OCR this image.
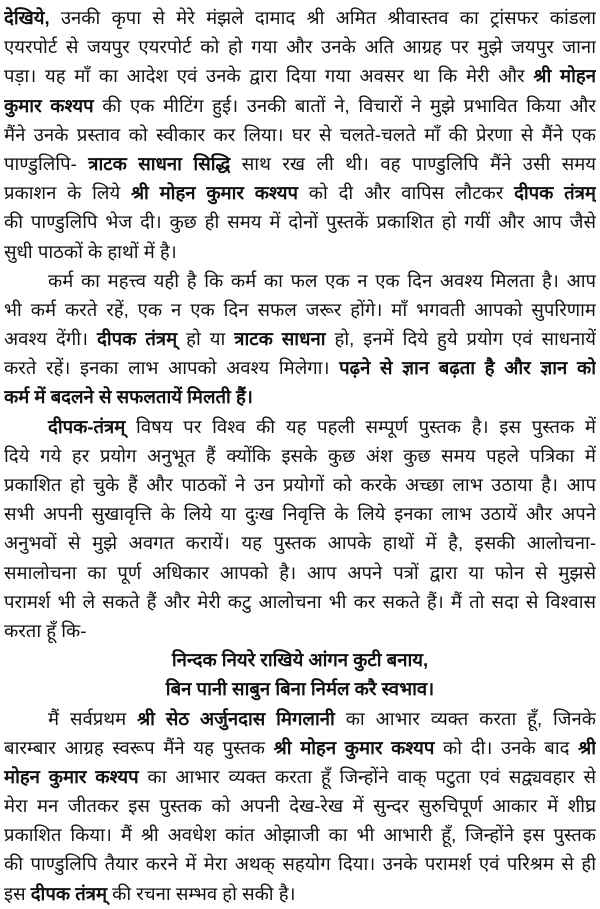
देखिये, उनकी कृपा से मेरे मंझले दामाद श्री अमित श्रीवास्तव का ट्रांसफर कांडला
एयरपोर्ट से जयपुर एयरपोर्ट को हो गया और उनके अति आग्रह पर मुझे जयपुर जाना
पड़ा। यह माँ का आदेश एवं उनके द्वारा दिया गया अवसर था कि मेरी और श्री मोहन
कुमार कश्यप की एक मीटिंग हुई। उनकी बातों ने, विचारों ने मुझे प्रभावित किया और
मैंने उनके प्रस्ताव को स्वीकार कर लिया। घर से चलते-चलते माँ की प्रेरणा से मैंने एक
पाण्डुलिपि- त्राटक साधना सिद्धि साथ रख ली थी। वह पाण्डुलिपि मैंने उसी समय
प्रकाशन के लिये श्री मोहन कुमार कश्यप को दी और वापिस लौटकर दीपक तंत्रम्
की पाण्डुलिपि भेज दी। कुछ ही समय में दोनों पुस्तकें प्रकाशित हो गयीं और आप जैसे
सुधी पाठकों के हाथों में है।
कर्म का महत्त्व यही है कि कर्म का फल एक न एक दिन अवश्य मिलता है। आप
भी कर्म करते रहें, एक न एक दिन सफल जरूर होंगे। माँ भगवती आपको सुपरिणाम
अवश्य देंगी। दीपक तंत्रम् हो या त्राटक साधना हो, इनमें दिये हुये प्रयोग एवं साधनायें
करते रहें। इनका लाभ आपको अवश्य मिलेगा। पढ़ने से ज्ञान बढ़ता है और ज्ञान को
कर्म में बदलने से सफलतायें मिलती हैं।
दीपक-तंत्रम् विषय पर विश्व की यह पहली सम्पूर्ण पुस्तक है। इस पुस्तक में
दिये गये हर प्रयोग अनुभूत हैं क्योंकि इसके कुछ अंश कुछ समय पहले पत्रिका में
प्रकाशित हो चुके हैं और पाठकों ने उन प्रयोगों को करके अच्छा लाभ उठाया है। आप
सभी अपनी सुखावृत्ति के लिये या दुःख निवृत्ति के लिये इनका लाभ उठायें और अपने
अनुभवों से मुझे अवगत करायें। यह पुस्तक आपके हाथों में है, इसकी आलोचना-
समालोचना का पूर्ण अधिकार आपको है। आप अपने पत्रों द्वारा या फोन से मुझसे
परामर्श भी ले सकते हैं और मेरी कटु आलोचना भी कर सकते हैं। मैं तो सदा से विश्वास
करता हूँ कि-
निन्दक नियरे राखिये आंगन कुटी बनाय,
बिन पानी साबुन बिना निर्मल करै स्वभाव।
मैं सर्वप्रथम श्री सेठ अर्जुनदास मिगलानी का आभार व्यक्त करता हूँ, जिनके
बारम्बार आग्रह स्वरूप मैंने यह पुस्तक श्री मोहन कुमार कश्यप को दी। उनके बाद श्री
मोहन कुमार कश्यप का आभार व्यक्त करता हूँ जिन्होंने वाक् पटुता एवं सद्व्यवहार से
मेरा मन जीतकर इस पुस्तक को अपनी देख-रेख में सुन्दर सुरुचिपूर्ण आकार में शीघ्र
प्रकाशित किया। मैं श्री अवधेश कांत ओझाजी का भी आभारी हूँ, जिन्होंने इस पुस्तक
की पाण्डुलिपि तैयार करने में मेरा अथक् सहयोग दिया। उनके परामर्श एवं परिश्रम से ही
इस दीपक तंत्रम् की रचना सम्भव हो सकी है।
